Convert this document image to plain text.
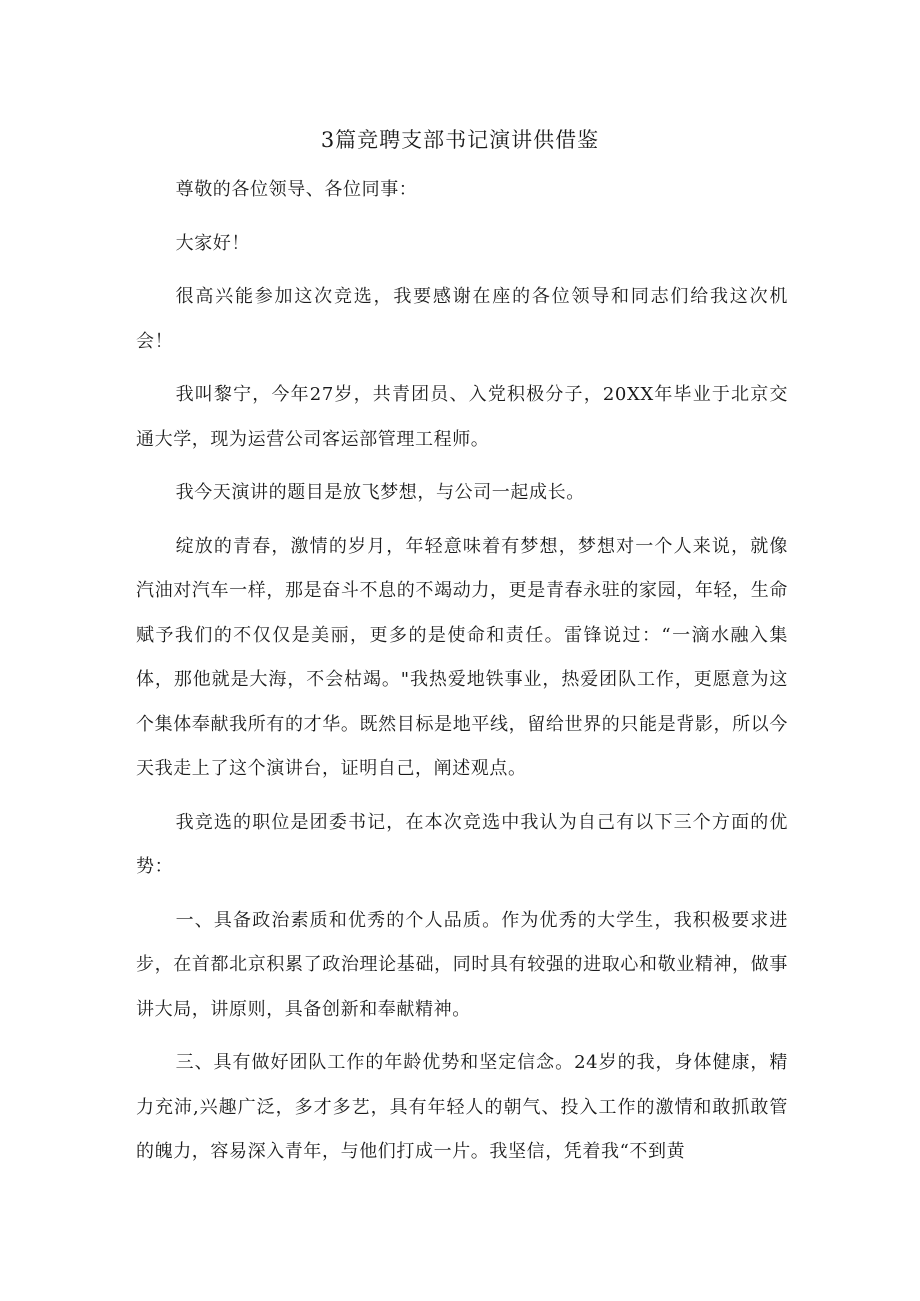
3篇竞聘支部书记演讲供借鉴

尊敬的各位领导、各位同事：

大家好！

很高兴能参加这次竞选，我要感谢在座的各位领导和同志们给我这次机会！

我叫黎宁，今年27岁，共青团员、入党积极分子，20XX年毕业于北京交通大学，现为运营公司客运部管理工程师。

我今天演讲的题目是放飞梦想，与公司一起成长。

绽放的青春，激情的岁月，年轻意味着有梦想，梦想对一个人来说，就像汽油对汽车一样，那是奋斗不息的不竭动力，更是青春永驻的家园，年轻，生命赋予我们的不仅仅是美丽，更多的是使命和责任。雷锋说过：“一滴水融入集体，那他就是大海，不会枯竭。"我热爱地铁事业，热爱团队工作，更愿意为这个集体奉献我所有的才华。既然目标是地平线，留给世界的只能是背影，所以今天我走上了这个演讲台，证明自己，阐述观点。

我竞选的职位是团委书记，在本次竞选中我认为自己有以下三个方面的优势：

一、具备政治素质和优秀的个人品质。作为优秀的大学生，我积极要求进步，在首都北京积累了政治理论基础，同时具有较强的进取心和敬业精神，做事讲大局，讲原则，具备创新和奉献精神。

三、具有做好团队工作的年龄优势和坚定信念。24岁的我，身体健康，精力充沛,兴趣广泛，多才多艺，具有年轻人的朝气、投入工作的激情和敢抓敢管的魄力，容易深入青年，与他们打成一片。我坚信，凭着我“不到黄
